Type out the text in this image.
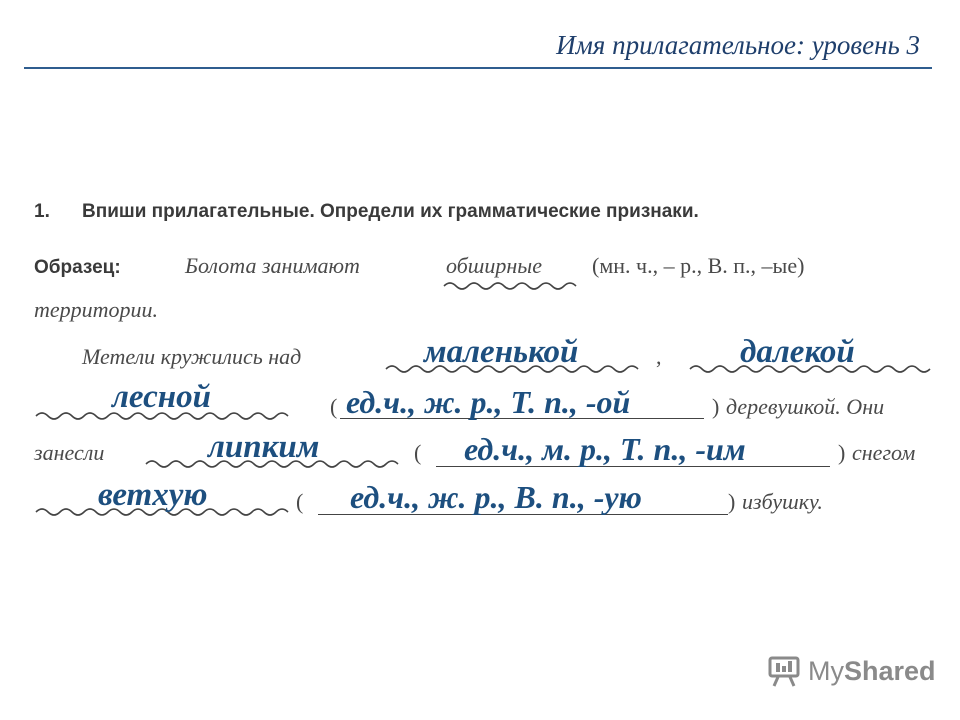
Имя прилагательное: уровень 3
1. Впиши прилагательные. Определи их грамматические признаки.
Образец:	Болота занимают	обширные (мн. ч., – р., В. п., –ые)
территории.
Метели кружились над	маленькой	, далекой
лесной	( ед.ч., ж. р., Т. п., -ой	) деревушкой. Они
занесли	липким	( ед.ч., м. р., Т. п., -им	) снегом
ветхую	( ед.ч., ж. р., В. п., -ую	) избушку.
MyShared
